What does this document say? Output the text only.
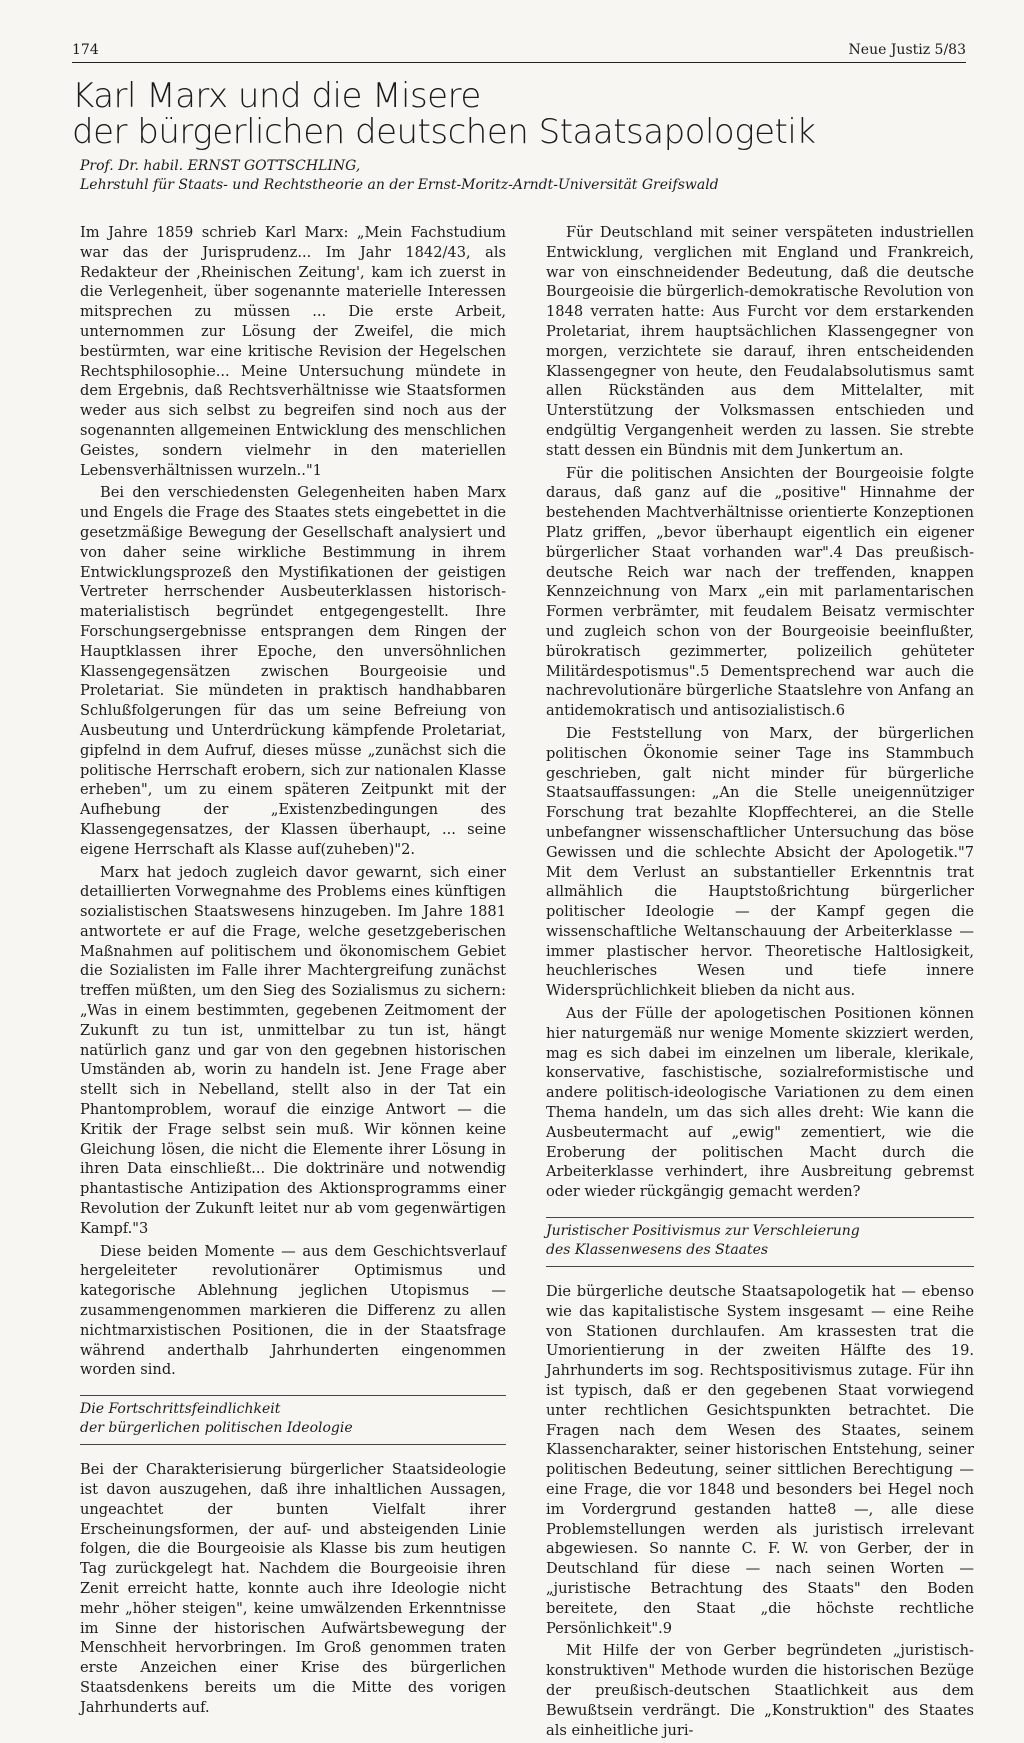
174	Neue Justiz 5/83
Karl Marx und die Misere
der bürgerlichen deutschen Staatsapologetik
Prof. Dr. habil. ERNST GOTTSCHLING,
Lehrstuhl für Staats- und Rechtstheorie an der Ernst-Moritz-Arndt-Universität Greifswald

Im Jahre 1859 schrieb Karl Marx: „Mein Fachstudium war das der Jurisprudenz... Im Jahr 1842/43, als Redakteur der ‚Rheinischen Zeitung', kam ich zuerst in die Verlegenheit, über sogenannte materielle Interessen mitsprechen zu müssen ... Die erste Arbeit, unternommen zur Lösung der Zweifel, die mich bestürmten, war eine kritische Revision der Hegelschen Rechtsphilosophie... Meine Untersuchung mündete in dem Ergebnis, daß Rechtsverhältnisse wie Staatsformen weder aus sich selbst zu begreifen sind noch aus der sogenannten allgemeinen Entwicklung des menschlichen Geistes, sondern vielmehr in den materiellen Lebensverhältnissen wurzeln.."1

Bei den verschiedensten Gelegenheiten haben Marx und Engels die Frage des Staates stets eingebettet in die gesetzmäßige Bewegung der Gesellschaft analysiert und von daher seine wirkliche Bestimmung in ihrem Entwicklungsprozeß den Mystifikationen der geistigen Vertreter herrschender Ausbeuterklassen historisch-materialistisch begründet entgegengestellt. Ihre Forschungsergebnisse entsprangen dem Ringen der Hauptklassen ihrer Epoche, den unversöhnlichen Klassengegensätzen zwischen Bourgeoisie und Proletariat. Sie mündeten in praktisch handhabbaren Schlußfolgerungen für das um seine Befreiung von Ausbeutung und Unterdrückung kämpfende Proletariat, gipfelnd in dem Aufruf, dieses müsse „zunächst sich die politische Herrschaft erobern, sich zur nationalen Klasse erheben", um zu einem späteren Zeitpunkt mit der Aufhebung der „Existenzbedingungen des Klassengegensatzes, der Klassen überhaupt, ... seine eigene Herrschaft als Klasse auf(zuheben)"2.

Marx hat jedoch zugleich davor gewarnt, sich einer detaillierten Vorwegnahme des Problems eines künftigen sozialistischen Staatswesens hinzugeben. Im Jahre 1881 antwortete er auf die Frage, welche gesetzgeberischen Maßnahmen auf politischem und ökonomischem Gebiet die Sozialisten im Falle ihrer Machtergreifung zunächst treffen müßten, um den Sieg des Sozialismus zu sichern: „Was in einem bestimmten, gegebenen Zeitmoment der Zukunft zu tun ist, unmittelbar zu tun ist, hängt natürlich ganz und gar von den gegebnen historischen Umständen ab, worin zu handeln ist. Jene Frage aber stellt sich in Nebelland, stellt also in der Tat ein Phantomproblem, worauf die einzige Antwort — die Kritik der Frage selbst sein muß. Wir können keine Gleichung lösen, die nicht die Elemente ihrer Lösung in ihren Data einschließt... Die doktrinäre und notwendig phantastische Antizipation des Aktionsprogramms einer Revolution der Zukunft leitet nur ab vom gegenwärtigen Kampf."3

Diese beiden Momente — aus dem Geschichtsverlauf hergeleiteter revolutionärer Optimismus und kategorische Ablehnung jeglichen Utopismus — zusammengenommen markieren die Differenz zu allen nichtmarxistischen Positionen, die in der Staatsfrage während anderthalb Jahrhunderten eingenommen worden sind.

Die Fortschrittsfeindlichkeit
der bürgerlichen politischen Ideologie

Bei der Charakterisierung bürgerlicher Staatsideologie ist davon auszugehen, daß ihre inhaltlichen Aussagen, ungeachtet der bunten Vielfalt ihrer Erscheinungsformen, der auf- und absteigenden Linie folgen, die die Bourgeoisie als Klasse bis zum heutigen Tag zurückgelegt hat. Nachdem die Bourgeoisie ihren Zenit erreicht hatte, konnte auch ihre Ideologie nicht mehr „höher steigen", keine umwälzenden Erkenntnisse im Sinne der historischen Aufwärtsbewegung der Menschheit hervorbringen. Im Groß genommen traten erste Anzeichen einer Krise des bürgerlichen Staatsdenkens bereits um die Mitte des vorigen Jahrhunderts auf.

Für Deutschland mit seiner verspäteten industriellen Entwicklung, verglichen mit England und Frankreich, war von einschneidender Bedeutung, daß die deutsche Bourgeoisie die bürgerlich-demokratische Revolution von 1848 verraten hatte: Aus Furcht vor dem erstarkenden Proletariat, ihrem hauptsächlichen Klassengegner von morgen, verzichtete sie darauf, ihren entscheidenden Klassengegner von heute, den Feudalabsolutismus samt allen Rückständen aus dem Mittelalter, mit Unterstützung der Volksmassen entschieden und endgültig Vergangenheit werden zu lassen. Sie strebte statt dessen ein Bündnis mit dem Junkertum an.

Für die politischen Ansichten der Bourgeoisie folgte daraus, daß ganz auf die „positive" Hinnahme der bestehenden Machtverhältnisse orientierte Konzeptionen Platz griffen, „bevor überhaupt eigentlich ein eigener bürgerlicher Staat vorhanden war".4 Das preußisch-deutsche Reich war nach der treffenden, knappen Kennzeichnung von Marx „ein mit parlamentarischen Formen verbrämter, mit feudalem Beisatz vermischter und zugleich schon von der Bourgeoisie beeinflußter, bürokratisch gezimmerter, polizeilich gehüteter Militärdespotismus".5 Dementsprechend war auch die nachrevolutionäre bürgerliche Staatslehre von Anfang an antidemokratisch und antisozialistisch.6

Die Feststellung von Marx, der bürgerlichen politischen Ökonomie seiner Tage ins Stammbuch geschrieben, galt nicht minder für bürgerliche Staatsauffassungen: „An die Stelle uneigennütziger Forschung trat bezahlte Klopffechterei, an die Stelle unbefangner wissenschaftlicher Untersuchung das böse Gewissen und die schlechte Absicht der Apologetik."7 Mit dem Verlust an substantieller Erkenntnis trat allmählich die Hauptstoßrichtung bürgerlicher politischer Ideologie — der Kampf gegen die wissenschaftliche Weltanschauung der Arbeiterklasse — immer plastischer hervor. Theoretische Haltlosigkeit, heuchlerisches Wesen und tiefe innere Widersprüchlichkeit blieben da nicht aus.

Aus der Fülle der apologetischen Positionen können hier naturgemäß nur wenige Momente skizziert werden, mag es sich dabei im einzelnen um liberale, klerikale, konservative, faschistische, sozialreformistische und andere politisch-ideologische Variationen zu dem einen Thema handeln, um das sich alles dreht: Wie kann die Ausbeutermacht auf „ewig" zementiert, wie die Eroberung der politischen Macht durch die Arbeiterklasse verhindert, ihre Ausbreitung gebremst oder wieder rückgängig gemacht werden?

Juristischer Positivismus zur Verschleierung
des Klassenwesens des Staates

Die bürgerliche deutsche Staatsapologetik hat — ebenso wie das kapitalistische System insgesamt — eine Reihe von Stationen durchlaufen. Am krassesten trat die Umorientierung in der zweiten Hälfte des 19. Jahrhunderts im sog. Rechtspositivismus zutage. Für ihn ist typisch, daß er den gegebenen Staat vorwiegend unter rechtlichen Gesichtspunkten betrachtet. Die Fragen nach dem Wesen des Staates, seinem Klassencharakter, seiner historischen Entstehung, seiner politischen Bedeutung, seiner sittlichen Berechtigung — eine Frage, die vor 1848 und besonders bei Hegel noch im Vordergrund gestanden hatte8 —, alle diese Problemstellungen werden als juristisch irrelevant abgewiesen. So nannte C. F. W. von Gerber, der in Deutschland für diese — nach seinen Worten — „juristische Betrachtung des Staats" den Boden bereitete, den Staat „die höchste rechtliche Persönlichkeit".9

Mit Hilfe der von Gerber begründeten „juristisch-konstruktiven" Methode wurden die historischen Bezüge der preußisch-deutschen Staatlichkeit aus dem Bewußtsein verdrängt. Die „Konstruktion" des Staates als einheitliche juri-
